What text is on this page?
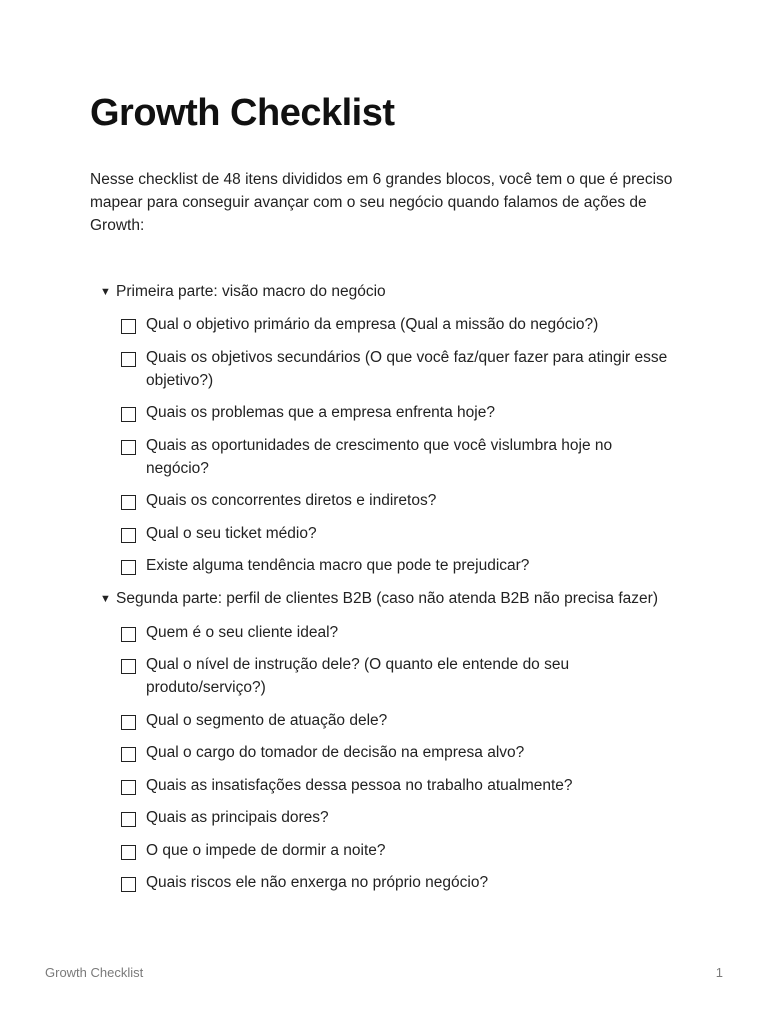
Growth Checklist

Nesse checklist de 48 itens divididos em 6 grandes blocos, você tem o que é preciso mapear para conseguir avançar com o seu negócio quando falamos de ações de Growth:

▼ Primeira parte: visão macro do negócio
Qual o objetivo primário da empresa (Qual a missão do negócio?)
Quais os objetivos secundários (O que você faz/quer fazer para atingir esse objetivo?)
Quais os problemas que a empresa enfrenta hoje?
Quais as oportunidades de crescimento que você vislumbra hoje no negócio?
Quais os concorrentes diretos e indiretos?
Qual o seu ticket médio?
Existe alguma tendência macro que pode te prejudicar?
▼ Segunda parte: perfil de clientes B2B (caso não atenda B2B não precisa fazer)
Quem é o seu cliente ideal?
Qual o nível de instrução dele? (O quanto ele entende do seu produto/serviço?)
Qual o segmento de atuação dele?
Qual o cargo do tomador de decisão na empresa alvo?
Quais as insatisfações dessa pessoa no trabalho atualmente?
Quais as principais dores?
O que o impede de dormir a noite?
Quais riscos ele não enxerga no próprio negócio?
Growth Checklist	1
